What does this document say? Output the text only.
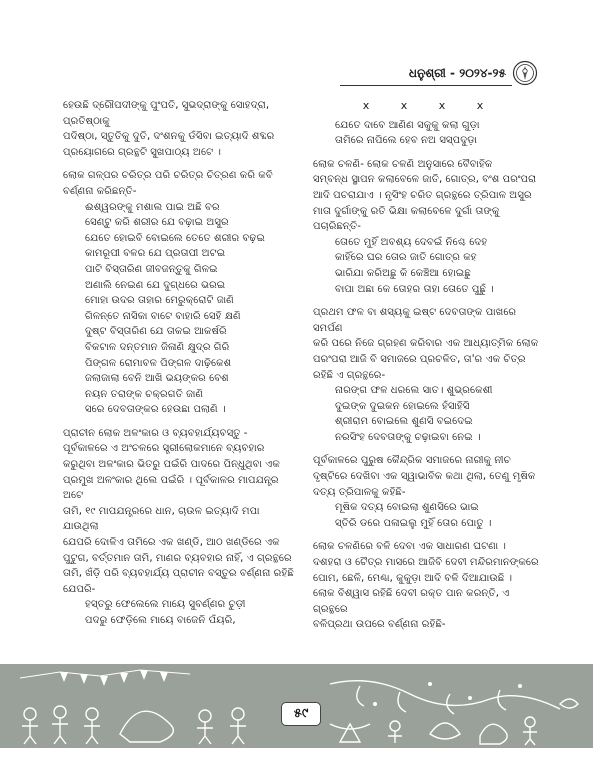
ଧନୁଶ୍ରୀ - ୨୦୨୪-୨୫

ହେଉଛି ଦ୍ରୌପଦୀଙ୍କୁ ପୁଂପତି, ସୁଭଦ୍ରାଙ୍କୁ ସୋହଦ୍ରା, ପ୍ରତିଷ୍ଠାକୁ

ପଦିଷ୍ଠା, ସ୍ତୁତିକୁ ଦୁତି, ଦଂଶନକୁ ଡଁସିବା ଇତ୍ୟାଦି ଶବ୍ଦର

ପ୍ରୟୋଗରେ ଗ୍ରନ୍ଥଟି ସୁଖପାଠ୍ୟ ଅଟେ ।

ଲୋକ ଗଳ୍ପର ଚରିତ୍ର ପରି ଚରିତ୍ର ଚିତ୍ରଣ କରି କବି

ବର୍ଣ୍ଣନା କରିଛନ୍ତି-

ଈଶ୍ୱରଙ୍କୁ ମଶାଲ ପାଇ ଅଛି ବର

ସେଣ୍ଟୁ କରି ଶରୀର ଯେ ବଢ଼ାଇ ଅସୁର

ଯେତେ ହୋଇବି ବୋଇଲେ ତେତେ ଶରୀର ବଢ଼ଇ

କାମରୂପୀ ବଳର ଯେ ପ୍ରତାପୀ ଅଟଇ

ପାଟି ବିସ୍ତାରିଣ ଜୀବଜନ୍ତୁକୁ ଗିଳଇ

ଅଣାଲି ନେଇଣ ଯେ ଦୁଗ୍ଧରେ ଭରଇ

ମୋହା ଉଦର ତାହାର ମେରୁକ୍ରୋଟି ଜାଣି

ଗିଳନ୍ତେ ନାସିକା ବାଟେ ବାହାରି ସେହି କ୍ଷଣି

ଦୁଷ୍ଟ ବିସ୍ତାରିଣ ଯେ ତାକଇ ଆକର୍ଷରି

ବିକଟାଳ ଦନ୍ତମାନ ଜିଳାଣି କ୍ଷୁଦ୍ର ଗିରି

ପିଙ୍ଗଳ ରୋମାବଳ ପିଙ୍ଗଳ ଦାଢ଼ିକେଶ

ଜଲାଜାଲା ବେନି ଆଖି ଭୟଙ୍କର ବେଶ

ନୟନ ତରାଙ୍କ ଚକ୍ରଗତି ଜାଣି

ସରେ ଦେବତାଙ୍କର ହେଉଛା ପଲାଣି ।

ପ୍ରାଚୀନ ଲୋକ ଅଳଂକାର ଓ ବ୍ୟବହାର୍ଯ୍ୟବସ୍ତୁ -

ପୂର୍ବକାଳରେ ଏ ଅଂଚଳରେ ସ୍ତ୍ରୀଲୋକମାନେ ବ୍ୟବହାର

କରୁଥିବା ଅଳଂକାର ଭିତରୁ ପଇଁରି ପାଦରେ ପିନ୍ଧୁଥିବା ଏକ

ପ୍ରମୁଖ ଅଳଂକାର ଥିଲେ ପଇଁରି । ପୂର୍ବକାଳର ମାପଯନ୍ତ୍ର ଅଟେ

ତାମି, ୧୯ ମାପଯନ୍ତ୍ରରେ ଧାନ, ଚାଉଳ ଇତ୍ୟାଦି ମପା ଯାଉଥିଲା

ଯେପରି ଦୋଳିଏ ତାମିରେ ଏକ ଖଣ୍ଡି, ଆଠ ଖଣ୍ଡିରେ ଏକ

ପୁଟୁଗ, ବର୍ତ୍ତମାନ ତାମି, ମାଣର ବ୍ୟବହାର ନାହିଁ, ଏ ଗ୍ରନ୍ଥରେ

ତାମି, ଖଁଡ଼ି ପରି ବ୍ୟବହାର୍ଯ୍ୟ ପ୍ରାଚୀନ ବସ୍ତୁର ବର୍ଣ୍ଣନା ରହିଛି

ଯେପରି-

ହସ୍ତରୁ ଫେଲେଲେ ମାୟେ ସୁବର୍ଣ୍ଣର ଚୁଡ଼ୀ

ପଦରୁ ଫେଡ଼ିଲେ ମାୟେ ବାଜେନି ପଁୟରି,

x x x x

ଯେତେ ଦାବେ ଆଣିଣ ସକୁକୁ କଲା ଗୁଡ଼ା

ତାମିରେ ନାପିଲେ ହେବ ନଅ ସସ୍ପଦୁଡ଼ା

ଲୋକ ଚଳଣି- ଲୋକ ଚଳଣି ଅନୁସାରେ ବୈବାହିକ

ସମ୍ବନ୍ଧ ସ୍ଥାପନ କଲାବେଳେ ଜାତି, ଗୋତ୍ର, ବଂଶ ପରଂପରା

ଆଦି ପଚରାଯାଏ । ନୃସିଂହ ଚରିତ ଗ୍ରନ୍ଥରେ ତ୍ରିପାଳ ଅସୁର

ମାତା ଦୁର୍ଗାଙ୍କୁ ରତି ଭିକ୍ଷା କଲାବେଳେ ଦୁର୍ଗା ତାଙ୍କୁ ପଚାରିଛନ୍ତି-

ତୋତେ ମୁହିଁ ଅବଶ୍ୟ ଦେବଇଁ ନିଶ୍ଚେ ଦେହ

କାହିଁରେ ଘର ତୋର ଜାତି ଗୋତ୍ର କହ

ଭାରିଯା କରିଅଛୁ କି କେଞ୍ଚିଆ ହୋଇଛୁ

ବାପା ଅଛା କେ ତୋହର ତାହା ତୋତେ ପୁଛୁଁ ।

ପ୍ରଥମ ଫଳ ବା ଶସ୍ୟକୁ ଇଷ୍ଟ ଦେବତାଙ୍କ ପାଖରେ ସମର୍ପଣ

କରି ପରେ ନିଜେ ଗ୍ରହଣ କରିବାର ଏକ ଆଧ୍ୟାତ୍ମିକ ଲୋକ

ପରଂପରା ଆଜି ବି ସମାଜରେ ପ୍ରଚଳିତ, ତା'ର ଏକ ଚିତ୍ର

ରହିଛି ଏ ଗ୍ରନ୍ଥରେ-

ନାରଙ୍ଗ ଫଳ ଧରଲେ ସାତ। ଶୁଭ୍ରକେଶୀ

ଦୁଇଙ୍କ ଦୁଇକନ ହୋଇଲେ ହଁସାହିସି

ଶ୍ରୀରାମ ବୋଇଲେ ଶୁଣସି ବଇଦେଇ

ନରସିଂହ ଦେବତାଙ୍କୁ ଚଢ଼ାଇବା ନେଇ ।

ପୂର୍ବକାଳରେ ପୁରୁଷ କୈନ୍ଦ୍ରିକ ସମାଜରେ ନାରୀକୁ ନୀଚ

ଦୃଷ୍ଟିରେ ଦେଖିବା ଏକ ସ୍ୱାଭାବିକ କଥା ଥିଲା, ତେଣୁ ମୃଷିକ

ଦତ୍ୟ ତ୍ରିପାଳକୁ କହିଛି-

ମୂଷିକ ଦତ୍ୟ ବୋଇଲା ଶୁଣସିରେ ଭାଇ

ସ୍ତିରି ଡରେ ପଳାଇଲୁ ମୁହିଁ ତୋର ପୋତୁ ।

ଲୋକ ଚଳଣିରେ ବଳି ଦେବା ଏକ ସାଧାରଣ ଘଟଣା ।

ଦଶହରା ଓ ଚୈତ୍ର ମାସରେ ଆଜିବି ଦେବୀ ମନ୍ଦିରମାନଙ୍କରେ

ପୋମ, ଛେଳି, ମେଣ୍ଢା, କୁକୁଡ଼ା ଆଦି ବଳି ଦିଆଯାଉଛି ।

ଲୋକ ବିଶ୍ୱାସ ରହିଛି ଦେବୀ ରକ୍ତ ପାନ କରନ୍ତି, ଏ ଗ୍ରନ୍ଥରେ

ବଳିପ୍ରଥା ଉପରେ ବର୍ଣ୍ଣନା ରହିଛି-

୫୯
